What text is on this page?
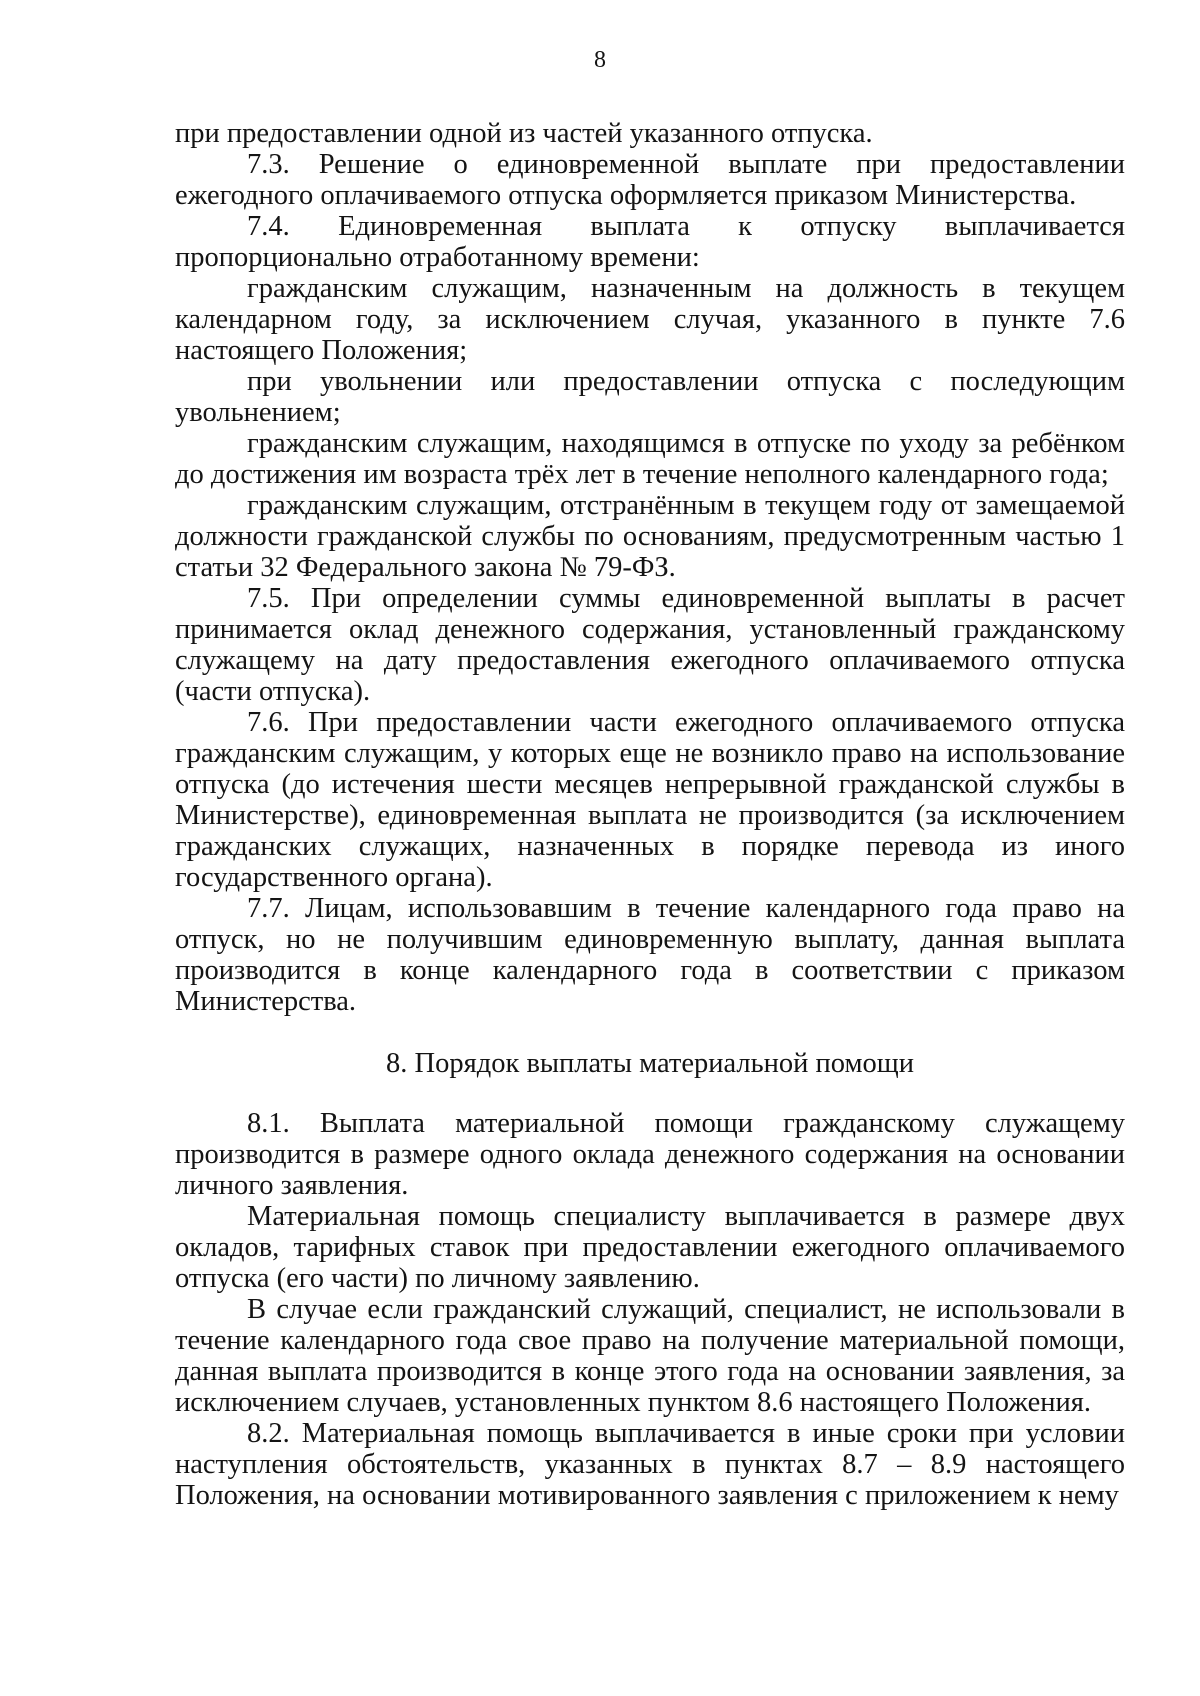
8

при предоставлении одной из частей указанного отпуска.

7.3. Решение о единовременной выплате при предоставлении ежегодного оплачиваемого отпуска оформляется приказом Министерства.

7.4. Единовременная выплата к отпуску выплачивается пропорционально отработанному времени:

гражданским служащим, назначенным на должность в текущем календарном году, за исключением случая, указанного в пункте 7.6 настоящего Положения;

при увольнении или предоставлении отпуска с последующим увольнением;

гражданским служащим, находящимся в отпуске по уходу за ребёнком до достижения им возраста трёх лет в течение неполного календарного года;

гражданским служащим, отстранённым в текущем году от замещаемой должности гражданской службы по основаниям, предусмотренным частью 1 статьи 32 Федерального закона № 79-ФЗ.

7.5. При определении суммы единовременной выплаты в расчет принимается оклад денежного содержания, установленный гражданскому служащему на дату предоставления ежегодного оплачиваемого отпуска (части отпуска).

7.6. При предоставлении части ежегодного оплачиваемого отпуска гражданским служащим, у которых еще не возникло право на использование отпуска (до истечения шести месяцев непрерывной гражданской службы в Министерстве), единовременная выплата не производится (за исключением гражданских служащих, назначенных в порядке перевода из иного государственного органа).

7.7. Лицам, использовавшим в течение календарного года право на отпуск, но не получившим единовременную выплату, данная выплата производится в конце календарного года в соответствии с приказом Министерства.

8. Порядок выплаты материальной помощи

8.1. Выплата материальной помощи гражданскому служащему производится в размере одного оклада денежного содержания на основании личного заявления.

Материальная помощь специалисту выплачивается в размере двух окладов, тарифных ставок при предоставлении ежегодного оплачиваемого отпуска (его части) по личному заявлению.

В случае если гражданский служащий, специалист, не использовали в течение календарного года свое право на получение материальной помощи, данная выплата производится в конце этого года на основании заявления, за исключением случаев, установленных пунктом 8.6 настоящего Положения.

8.2. Материальная помощь выплачивается в иные сроки при условии наступления обстоятельств, указанных в пунктах 8.7 – 8.9 настоящего Положения, на основании мотивированного заявления с приложением к нему
